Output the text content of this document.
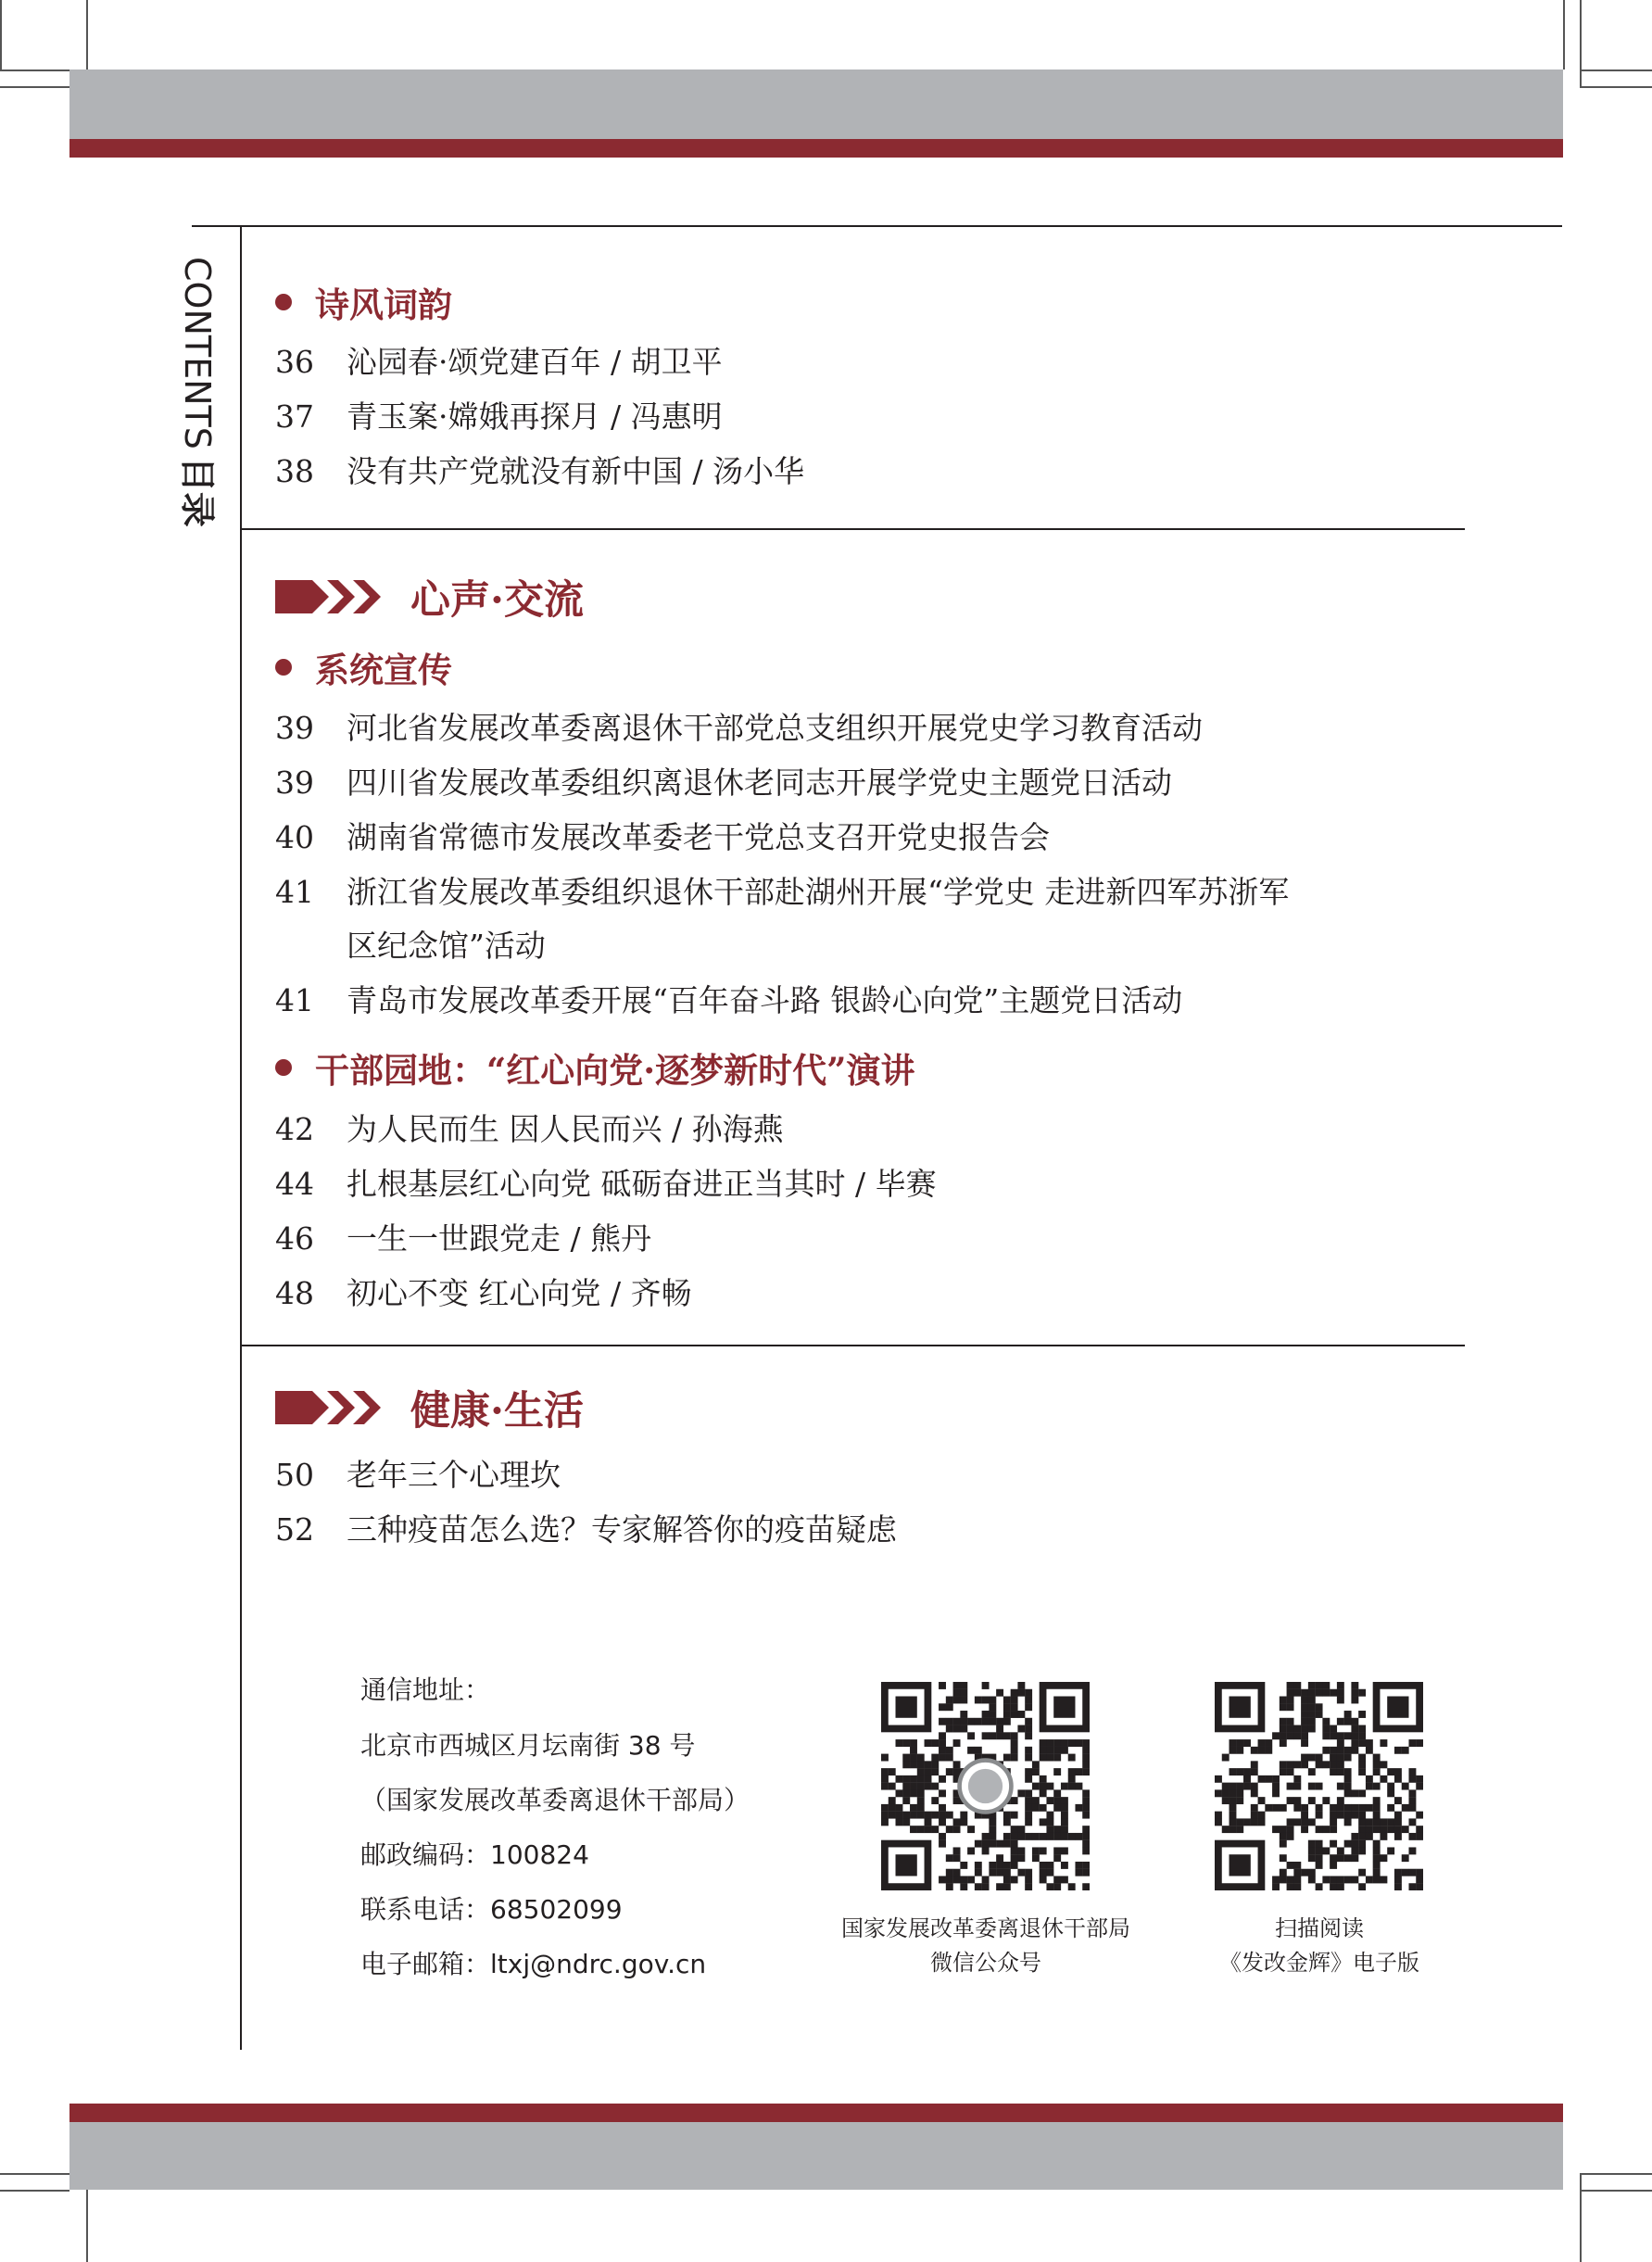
CONTENTS目录
诗风词韵
36	沁园春·颂党建百年 / 胡卫平
37	青玉案·嫦娥再探月 / 冯惠明
38	没有共产党就没有新中国 / 汤小华
心声·交流
系统宣传
39	河北省发展改革委离退休干部党总支组织开展党史学习教育活动
39	四川省发展改革委组织离退休老同志开展学党史主题党日活动
40	湖南省常德市发展改革委老干党总支召开党史报告会
41	浙江省发展改革委组织退休干部赴湖州开展“学党史 走进新四军苏浙军
区纪念馆”活动
41	青岛市发展改革委开展“百年奋斗路 银龄心向党”主题党日活动
干部园地：“红心向党·逐梦新时代”演讲
42	为人民而生 因人民而兴 / 孙海燕
44	扎根基层红心向党 砥砺奋进正当其时 / 毕赛
46	一生一世跟党走 / 熊丹
48	初心不变 红心向党 / 齐畅
健康·生活
50	老年三个心理坎
52	三种疫苗怎么选？专家解答你的疫苗疑虑
通信地址：
北京市西城区月坛南街 38 号
（国家发展改革委离退休干部局）
邮政编码：100824
联系电话：68502099
电子邮箱：ltxj@ndrc.gov.cn
国家发展改革委离退休干部局
微信公众号
扫描阅读
《发改金辉》电子版
